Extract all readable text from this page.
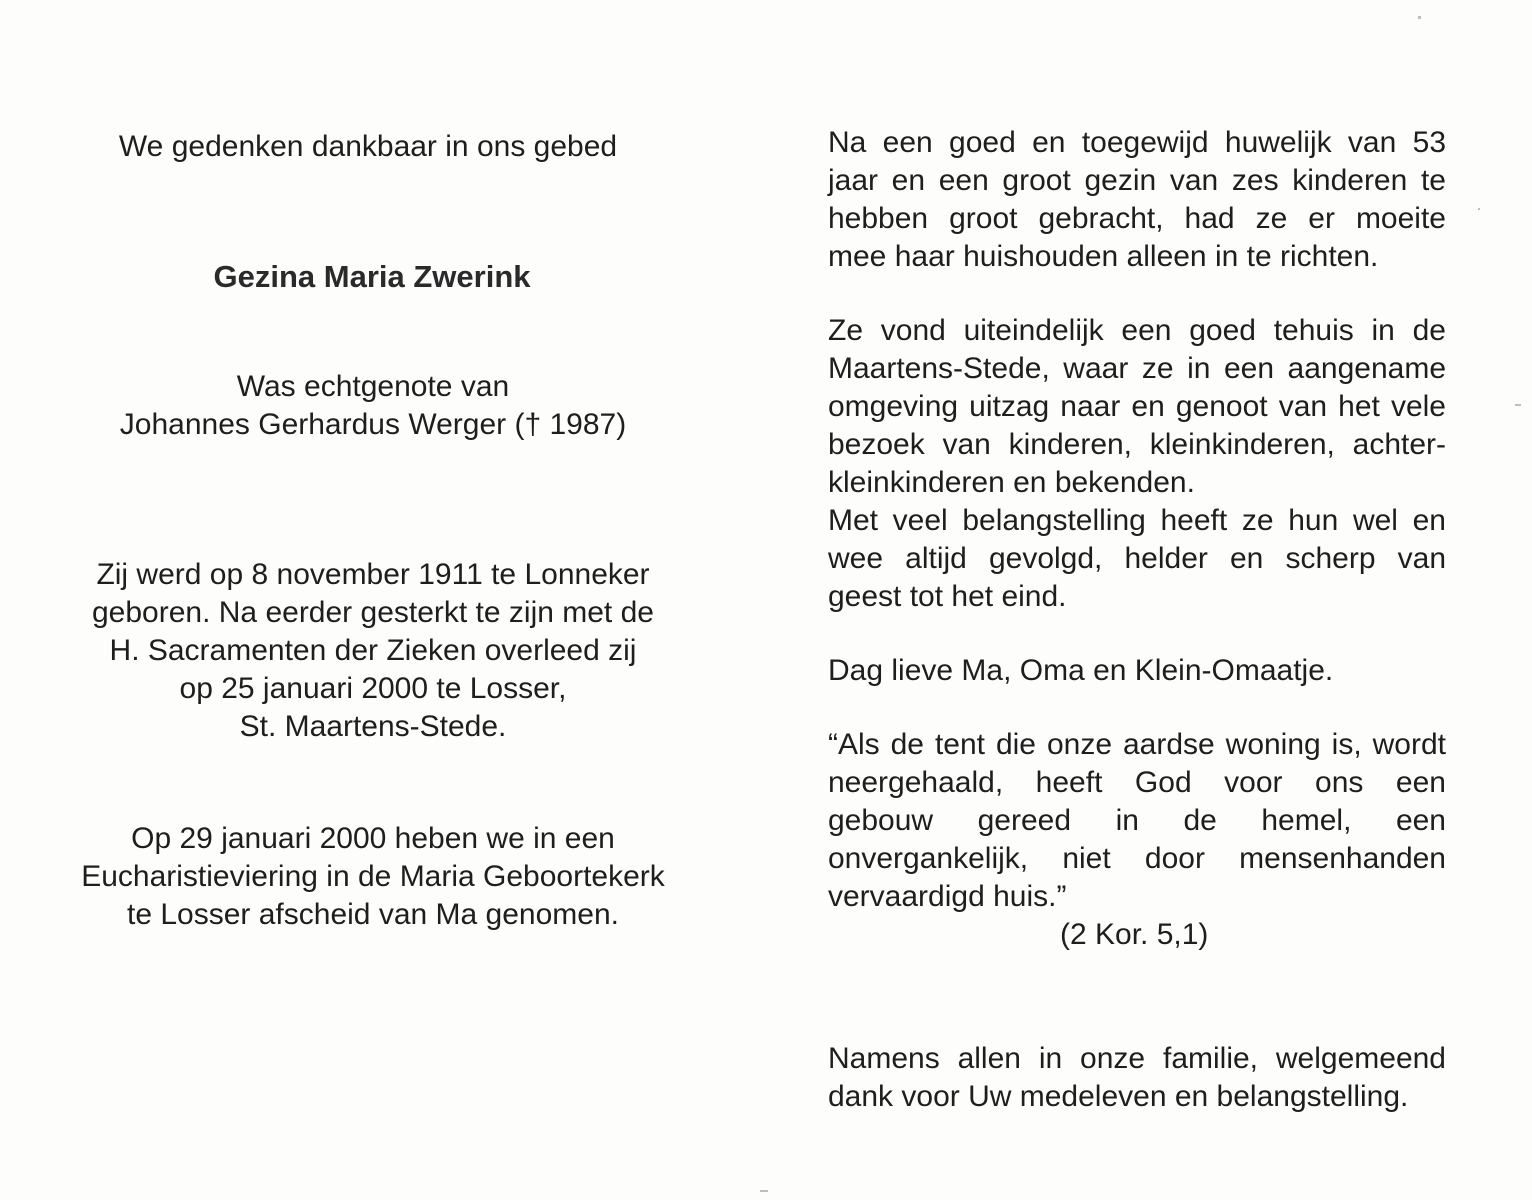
We gedenken dankbaar in ons gebed
Gezina Maria Zwerink
Was echtgenote van
Johannes Gerhardus Werger († 1987)
Zij werd op 8 november 1911 te Lonneker
geboren. Na eerder gesterkt te zijn met de
H. Sacramenten der Zieken overleed zij
op 25 januari 2000 te Losser,
St. Maartens-Stede.
Op 29 januari 2000 heben we in een
Eucharistieviering in de Maria Geboortekerk
te Losser afscheid van Ma genomen.
Na een goed en toegewijd huwelijk van 53
jaar en een groot gezin van zes kinderen te
hebben groot gebracht, had ze er moeite
mee haar huishouden alleen in te richten.
Ze vond uiteindelijk een goed tehuis in de
Maartens-Stede, waar ze in een aangename
omgeving uitzag naar en genoot van het vele
bezoek van kinderen, kleinkinderen, achter-
kleinkinderen en bekenden.
Met veel belangstelling heeft ze hun wel en
wee altijd gevolgd, helder en scherp van
geest tot het eind.
Dag lieve Ma, Oma en Klein-Omaatje.
“Als de tent die onze aardse woning is, wordt
neergehaald, heeft God voor ons een
gebouw gereed in de hemel, een
onvergankelijk, niet door mensenhanden
vervaardigd huis.”
(2 Kor. 5,1)
Namens allen in onze familie, welgemeend
dank voor Uw medeleven en belangstelling.
